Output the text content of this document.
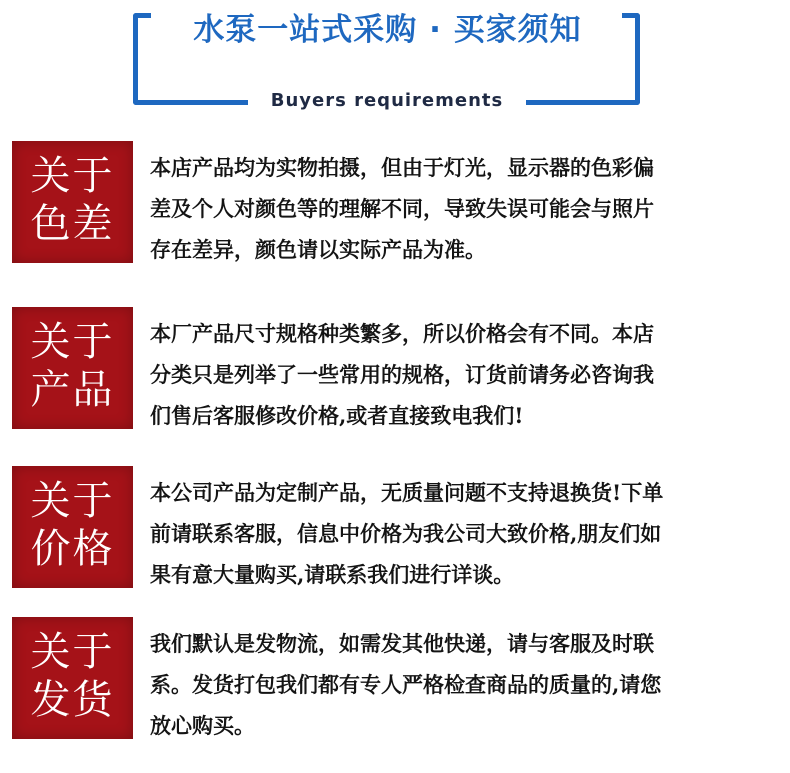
水泵一站式采购 · 买家须知
Buyers requirements
关于
色差
本店产品均为实物拍摄，但由于灯光，显示器的色彩偏
差及个人对颜色等的理解不同，导致失误可能会与照片
存在差异，颜色请以实际产品为准。
关于
产品
本厂产品尺寸规格种类繁多，所以价格会有不同。本店
分类只是列举了一些常用的规格，订货前请务必咨询我
们售后客服修改价格,或者直接致电我们!
关于
价格
本公司产品为定制产品，无质量问题不支持退换货!下单
前请联系客服，信息中价格为我公司大致价格,朋友们如
果有意大量购买,请联系我们进行详谈。
关于
发货
我们默认是发物流，如需发其他快递，请与客服及时联
系。发货打包我们都有专人严格检查商品的质量的,请您
放心购买。
